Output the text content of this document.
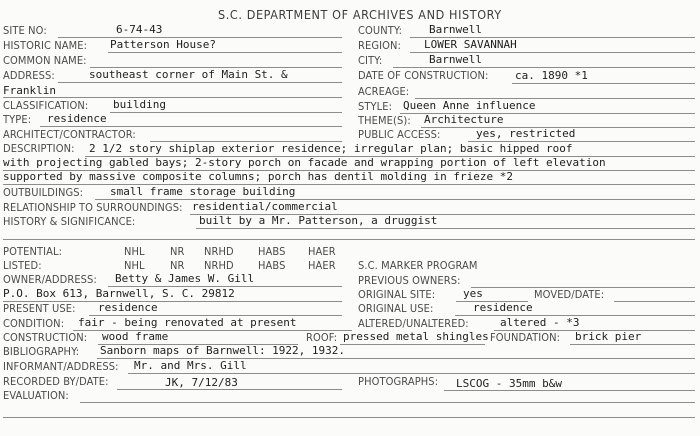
S.C. DEPARTMENT OF ARCHIVES AND HISTORY
SITE NO:	6-74-43	COUNTY: Barnwell
HISTORIC NAME: Patterson House?	REGION: LOWER SAVANNAH
COMMON NAME:	CITY:	Barnwell
ADDRESS:	southeast corner of Main St. &	DATE OF CONSTRUCTION: ca. 1890 *1
Franklin	ACREAGE:
CLASSIFICATION: building	STYLE: Queen Anne influence
TYPE: residence	THEME(S): Architecture
ARCHITECT/CONTRACTOR:	PUBLIC ACCESS:	yes, restricted
DESCRIPTION: 2 1/2 story shiplap exterior residence; irregular plan; basic hipped roof
with projecting gabled bays; 2-story porch on facade and wrapping portion of left elevation
supported by massive composite columns; porch has dentil molding in frieze *2
OUTBUILDINGS: small frame storage building
RELATIONSHIP TO SURROUNDINGS: residential/commercial
HISTORY & SIGNIFICANCE:	built by a Mr. Patterson, a druggist
POTENTIAL:	NHL NR NRHD HABS HAER
LISTED:	NHL NR NRHD HABS HAER S.C. MARKER PROGRAM
OWNER/ADDRESS: Betty & James W. Gill	PREVIOUS OWNERS:
P.O. Box 613, Barnwell, S. C. 29812	ORIGINAL SITE:	yes	MOVED/DATE:
PRESENT USE: residence	ORIGINAL USE:	residence
CONDITION: fair - being renovated at present	ALTERED/UNALTERED:	altered - *3
CONSTRUCTION: wood frame	ROOF: pressed metal shingles FOUNDATION: brick pier
BIBLIOGRAPHY: Sanborn maps of Barnwell: 1922, 1932.
INFORMANT/ADDRESS: Mr. and Mrs. Gill
RECORDED BY/DATE:	JK, 7/12/83	PHOTOGRAPHS: LSCOG - 35mm b&w
EVALUATION:
